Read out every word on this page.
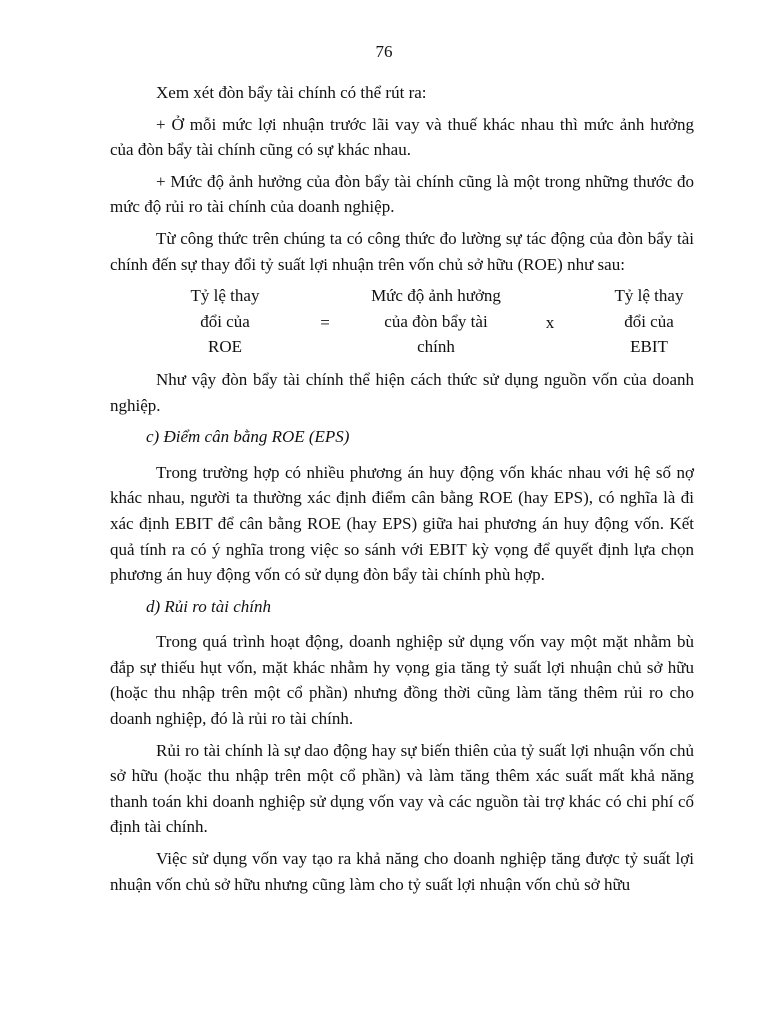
76

Xem xét đòn bẩy tài chính có thể rút ra:

+ Ở mỗi mức lợi nhuận trước lãi vay và thuế khác nhau thì mức ảnh hưởng của đòn bẩy tài chính cũng có sự khác nhau.

+ Mức độ ảnh hưởng của đòn bẩy tài chính cũng là một trong những thước đo mức độ rủi ro tài chính của doanh nghiệp.

Từ công thức trên chúng ta có công thức đo lường sự tác động của đòn bẩy tài chính đến sự thay đổi tỷ suất lợi nhuận trên vốn chủ sở hữu (ROE) như sau:

Tỷ lệ thay
đổi của
ROE
=
Mức độ ảnh hưởng
của đòn bẩy tài
chính
x
Tỷ lệ thay
đổi của
EBIT

Như vậy đòn bẩy tài chính thể hiện cách thức sử dụng nguồn vốn của doanh nghiệp.

c) Điểm cân bằng ROE (EPS)

Trong trường hợp có nhiều phương án huy động vốn khác nhau với hệ số nợ khác nhau, người ta thường xác định điểm cân bằng ROE (hay EPS), có nghĩa là đi xác định EBIT để cân bằng ROE (hay EPS) giữa hai phương án huy động vốn. Kết quả tính ra có ý nghĩa trong việc so sánh với EBIT kỳ vọng để quyết định lựa chọn phương án huy động vốn có sử dụng đòn bẩy tài chính phù hợp.

d) Rủi ro tài chính

Trong quá trình hoạt động, doanh nghiệp sử dụng vốn vay một mặt nhằm bù đắp sự thiếu hụt vốn, mặt khác nhằm hy vọng gia tăng tỷ suất lợi nhuận chủ sở hữu (hoặc thu nhập trên một cổ phần) nhưng đồng thời cũng làm tăng thêm rủi ro cho doanh nghiệp, đó là rủi ro tài chính.

Rủi ro tài chính là sự dao động hay sự biến thiên của tỷ suất lợi nhuận vốn chủ sở hữu (hoặc thu nhập trên một cổ phần) và làm tăng thêm xác suất mất khả năng thanh toán khi doanh nghiệp sử dụng vốn vay và các nguồn tài trợ khác có chi phí cố định tài chính.

Việc sử dụng vốn vay tạo ra khả năng cho doanh nghiệp tăng được tỷ suất lợi nhuận vốn chủ sở hữu nhưng cũng làm cho tỷ suất lợi nhuận vốn chủ sở hữu
